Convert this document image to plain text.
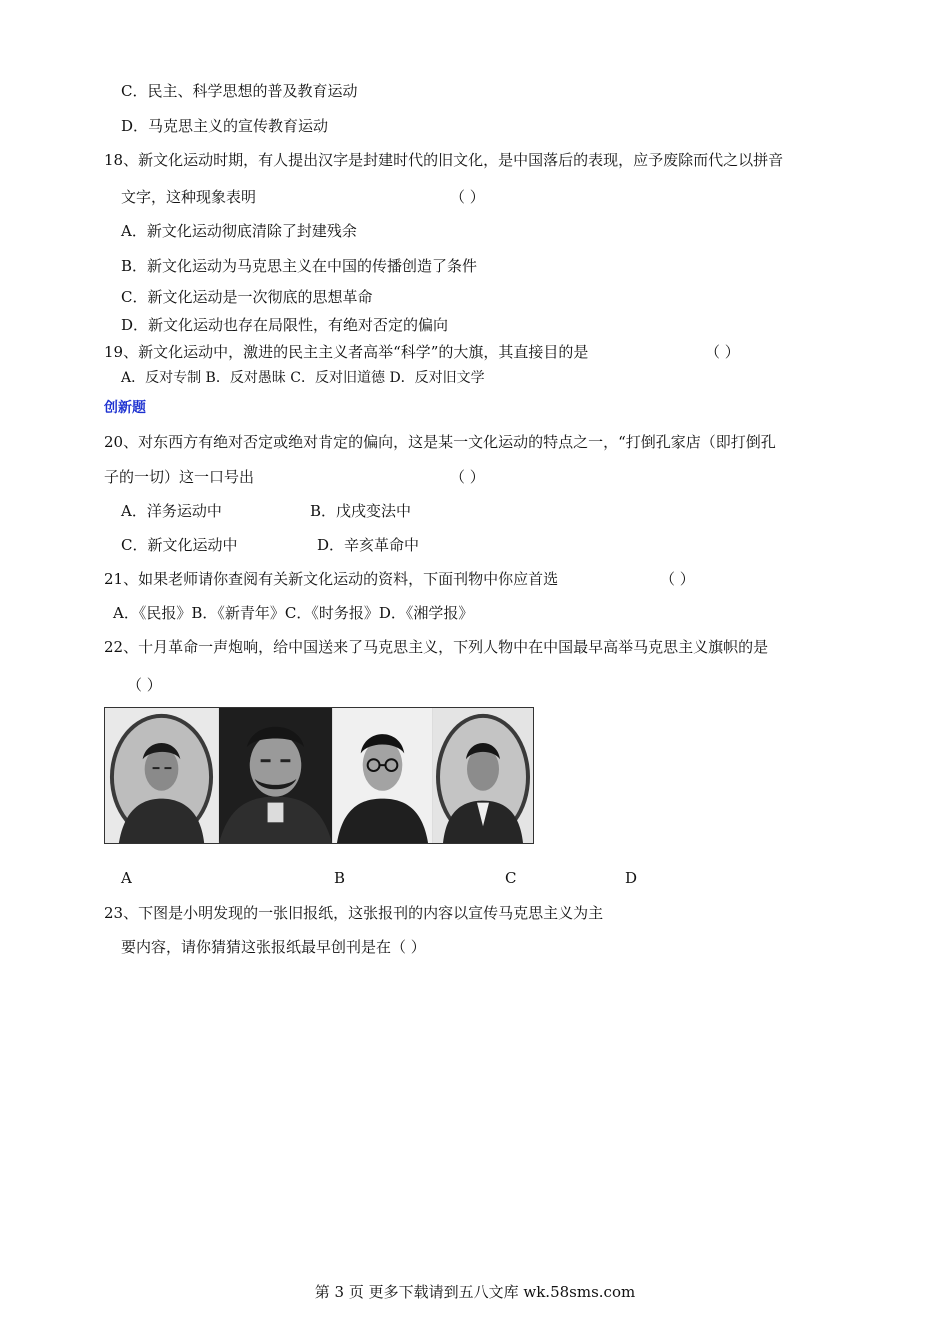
C．民主、科学思想的普及教育运动
D．马克思主义的宣传教育运动
18、新文化运动时期，有人提出汉字是封建时代的旧文化，是中国落后的表现，应予废除而代之以拼音
文字，这种现象表明	（ ）
A．新文化运动彻底清除了封建残余
B．新文化运动为马克思主义在中国的传播创造了条件
C．新文化运动是一次彻底的思想革命
D．新文化运动也存在局限性，有绝对否定的偏向
19、新文化运动中，激进的民主主义者高举“科学”的大旗，其直接目的是	（ ）
A．反对专制 B．反对愚昧 C．反对旧道德 D．反对旧文学
创新题
20、对东西方有绝对否定或绝对肯定的偏向，这是某一文化运动的特点之一，“打倒孔家店（即打倒孔
子的一切）这一口号出	（ ）
A．洋务运动中	B．戊戌变法中
C．新文化运动中	D．辛亥革命中
21、如果老师请你查阅有关新文化运动的资料，下面刊物中你应首选	（ ）
A．《民报》B．《新青年》C．《时务报》D．《湘学报》
22、十月革命一声炮响，给中国送来了马克思主义，下列人物中在中国最早高举马克思主义旗帜的是
（ ）
A	B	C	D
23、下图是小明发现的一张旧报纸，这张报刊的内容以宣传马克思主义为主
要内容，请你猜猜这张报纸最早创刊是在（ ）
第 3 页 更多下载请到五八文库 wk.58sms.com
